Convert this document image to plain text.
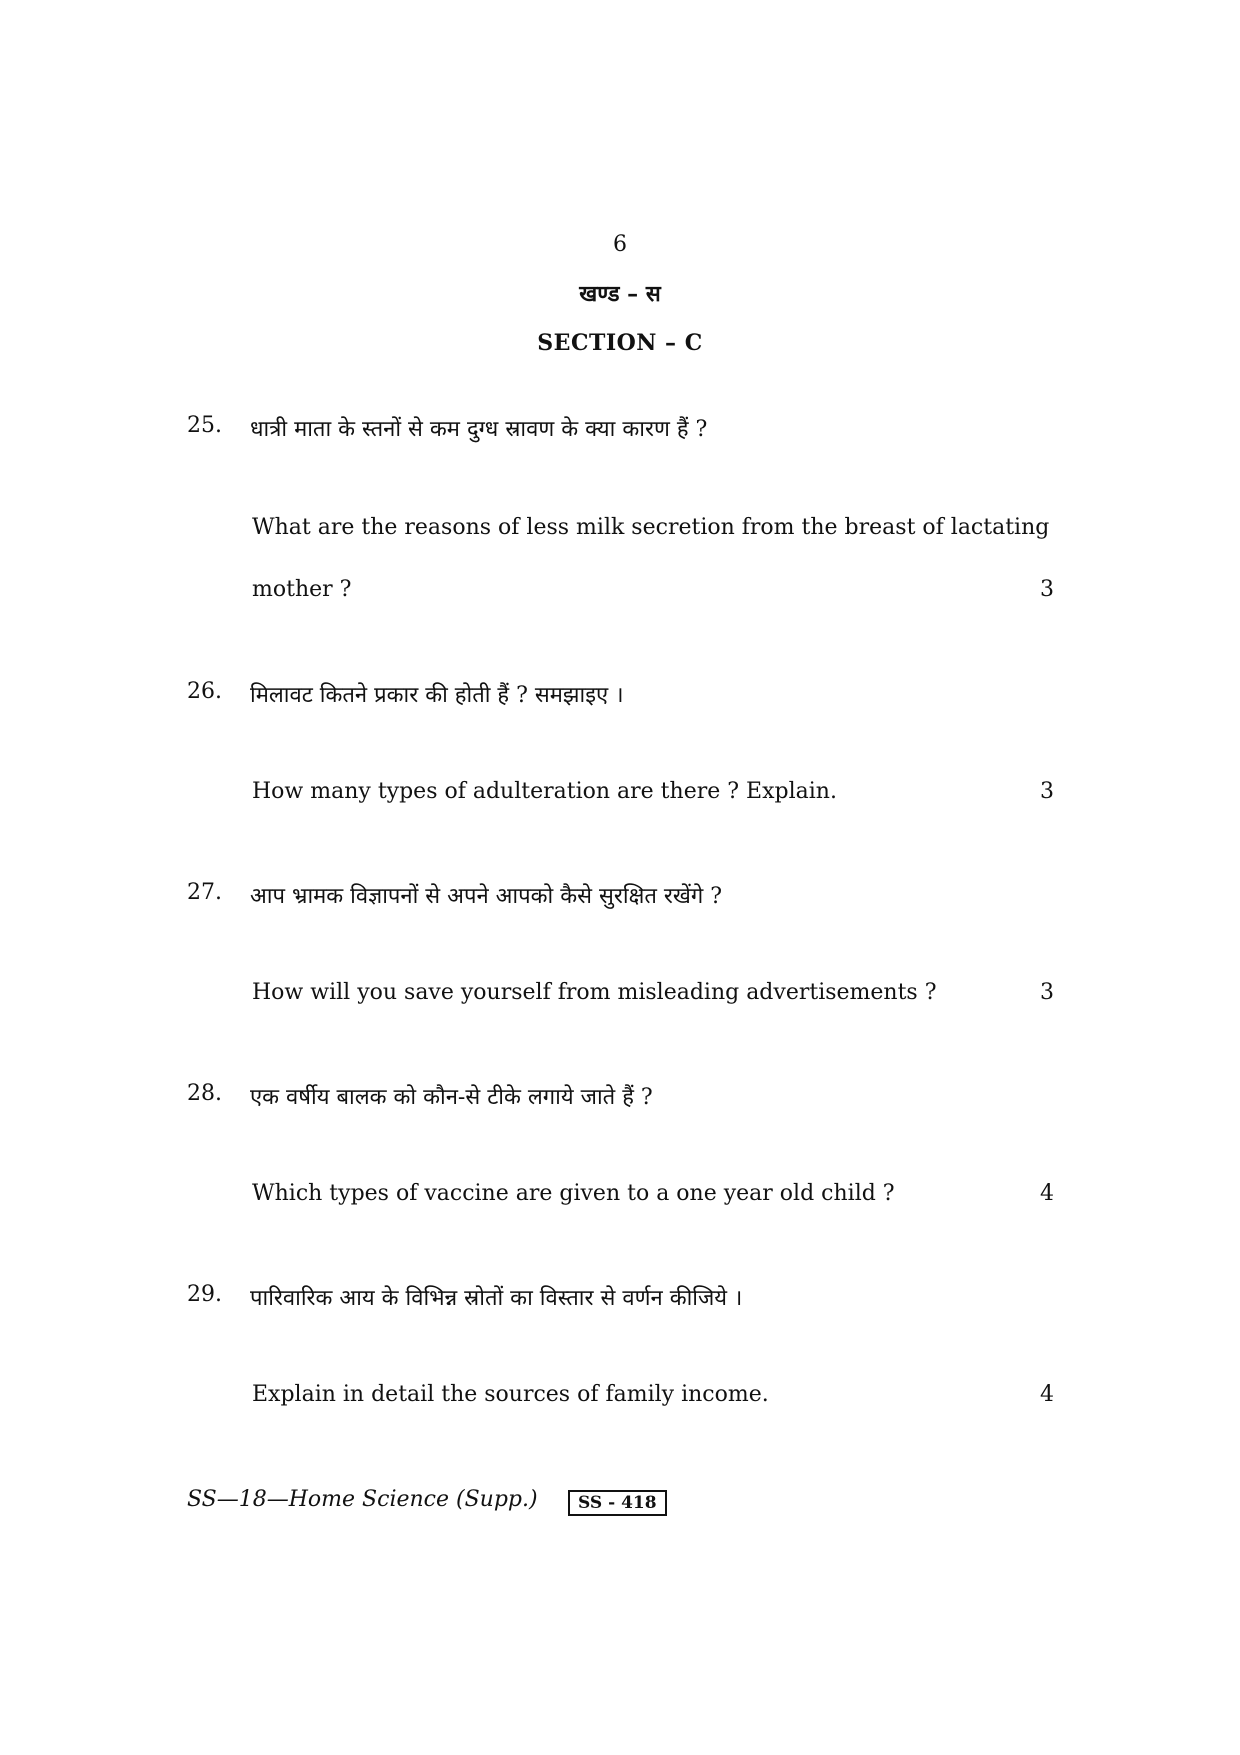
6
खण्ड – स
SECTION – C
25. धात्री माता के स्तनों से कम दुग्ध स्रावण के क्या कारण हैं ?
What are the reasons of less milk secretion from the breast of lactating
mother ?	3
26. मिलावट कितने प्रकार की होती हैं ? समझाइए ।
How many types of adulteration are there ? Explain.	3
27. आप भ्रामक विज्ञापनों से अपने आपको कैसे सुरक्षित रखेंगे ?
How will you save yourself from misleading advertisements ?	3
28. एक वर्षीय बालक को कौन-से टीके लगाये जाते हैं ?
Which types of vaccine are given to a one year old child ?	4
29. पारिवारिक आय के विभिन्न स्रोतों का विस्तार से वर्णन कीजिये ।
Explain in detail the sources of family income.	4
SS—18—Home Science (Supp.)	SS - 418
